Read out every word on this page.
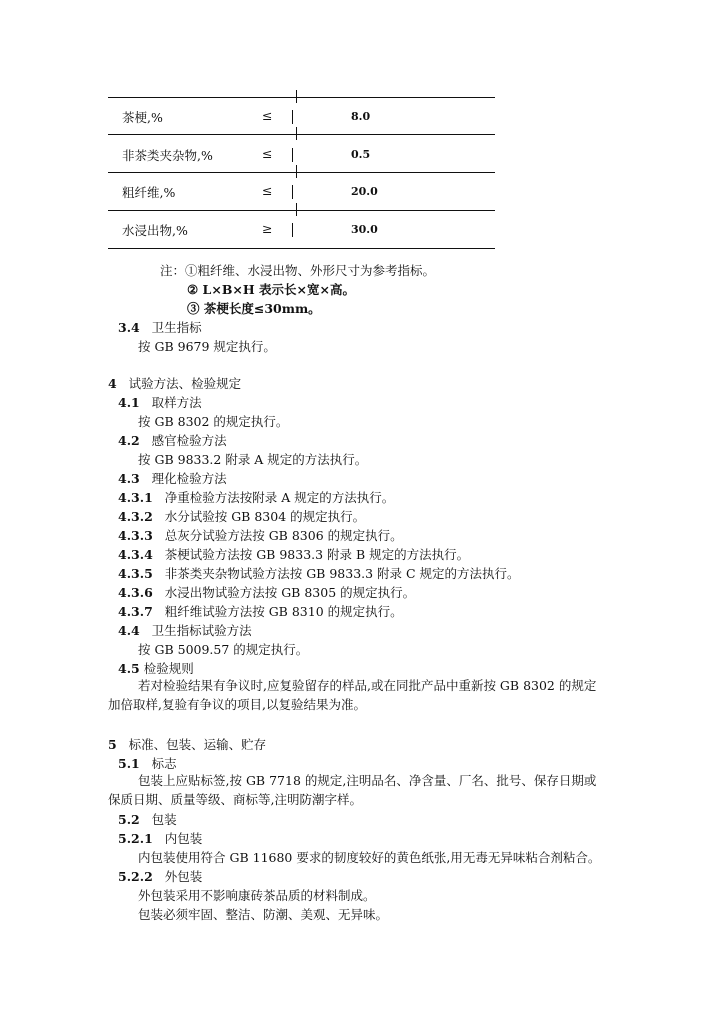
茶梗,%	≤	8.0
非茶类夹杂物,%	≤	0.5
粗纤维,%	≤	20.0
水浸出物,%	≥	30.0
注：①粗纤维、水浸出物、外形尺寸为参考指标。
② L×B×H 表示长×宽×高。
③ 茶梗长度≤30mm。
3.4 卫生指标
按 GB 9679 规定执行。
4 试验方法、检验规定
4.1 取样方法
按 GB 8302 的规定执行。
4.2 感官检验方法
按 GB 9833.2 附录 A 规定的方法执行。
4.3 理化检验方法
4.3.1 净重检验方法按附录 A 规定的方法执行。
4.3.2 水分试验按 GB 8304 的规定执行。
4.3.3 总灰分试验方法按 GB 8306 的规定执行。
4.3.4 茶梗试验方法按 GB 9833.3 附录 B 规定的方法执行。
4.3.5 非茶类夹杂物试验方法按 GB 9833.3 附录 C 规定的方法执行。
4.3.6 水浸出物试验方法按 GB 8305 的规定执行。
4.3.7 粗纤维试验方法按 GB 8310 的规定执行。
4.4 卫生指标试验方法
按 GB 5009.57 的规定执行。
4.5 检验规则
若对检验结果有争议时,应复验留存的样品,或在同批产品中重新按 GB 8302 的规定加倍取样,复验有争议的项目,以复验结果为准。
5 标准、包装、运输、贮存
5.1 标志
包装上应贴标签,按 GB 7718 的规定,注明品名、净含量、厂名、批号、保存日期或保质日期、质量等级、商标等,注明防潮字样。
5.2 包装
5.2.1 内包装
内包装使用符合 GB 11680 要求的韧度较好的黄色纸张,用无毒无异味粘合剂粘合。
5.2.2 外包装
外包装采用不影响康砖茶品质的材料制成。
包装必须牢固、整洁、防潮、美观、无异味。
